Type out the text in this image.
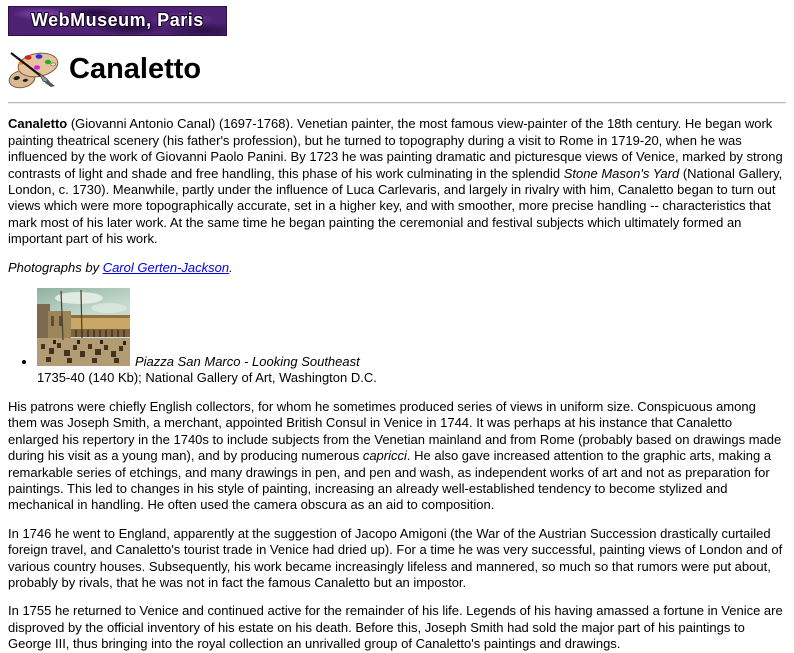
WebMuseum, Paris
Canaletto

Canaletto (Giovanni Antonio Canal) (1697-1768). Venetian painter, the most famous view-painter of the 18th century. He began work painting theatrical scenery (his father's profession), but he turned to topography during a visit to Rome in 1719-20, when he was influenced by the work of Giovanni Paolo Panini. By 1723 he was painting dramatic and picturesque views of Venice, marked by strong contrasts of light and shade and free handling, this phase of his work culminating in the splendid Stone Mason's Yard (National Gallery, London, c. 1730). Meanwhile, partly under the influence of Luca Carlevaris, and largely in rivalry with him, Canaletto began to turn out views which were more topographically accurate, set in a higher key, and with smoother, more precise handling -- characteristics that mark most of his later work. At the same time he began painting the ceremonial and festival subjects which ultimately formed an important part of his work.

Photographs by Carol Gerten-Jackson.

• Piazza San Marco - Looking Southeast
1735-40 (140 Kb); National Gallery of Art, Washington D.C.

His patrons were chiefly English collectors, for whom he sometimes produced series of views in uniform size. Conspicuous among them was Joseph Smith, a merchant, appointed British Consul in Venice in 1744. It was perhaps at his instance that Canaletto enlarged his repertory in the 1740s to include subjects from the Venetian mainland and from Rome (probably based on drawings made during his visit as a young man), and by producing numerous capricci. He also gave increased attention to the graphic arts, making a remarkable series of etchings, and many drawings in pen, and pen and wash, as independent works of art and not as preparation for paintings. This led to changes in his style of painting, increasing an already well-established tendency to become stylized and mechanical in handling. He often used the camera obscura as an aid to composition.

In 1746 he went to England, apparently at the suggestion of Jacopo Amigoni (the War of the Austrian Succession drastically curtailed foreign travel, and Canaletto's tourist trade in Venice had dried up). For a time he was very successful, painting views of London and of various country houses. Subsequently, his work became increasingly lifeless and mannered, so much so that rumors were put about, probably by rivals, that he was not in fact the famous Canaletto but an impostor.

In 1755 he returned to Venice and continued active for the remainder of his life. Legends of his having amassed a fortune in Venice are disproved by the official inventory of his estate on his death. Before this, Joseph Smith had sold the major part of his paintings to George III, thus bringing into the royal collection an unrivalled group of Canaletto's paintings and drawings.
